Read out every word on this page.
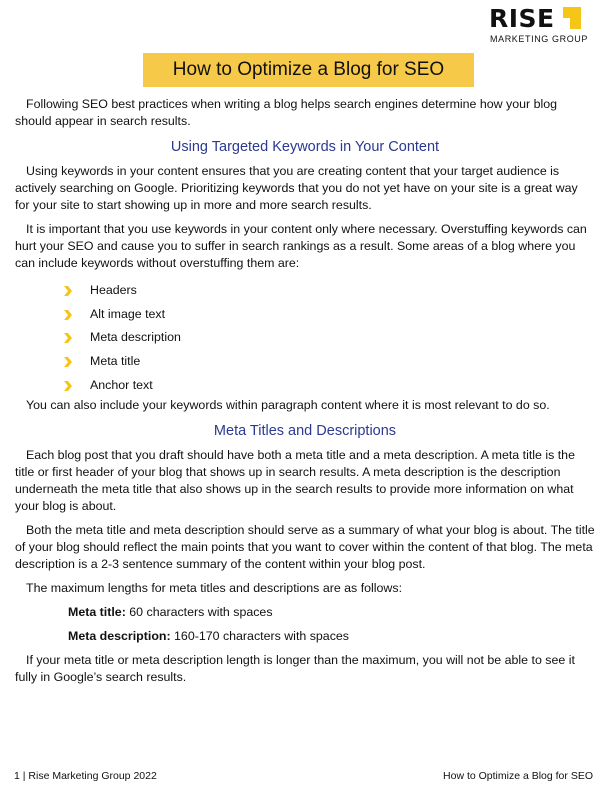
RISE
MARKETING GROUP
How to Optimize a Blog for SEO

Following SEO best practices when writing a blog helps search engines determine how your blog should appear in search results.

Using Targeted Keywords in Your Content

Using keywords in your content ensures that you are creating content that your target audience is actively searching on Google. Prioritizing keywords that you do not yet have on your site is a great way for your site to start showing up in more and more search results.

It is important that you use keywords in your content only where necessary. Overstuffing keywords can hurt your SEO and cause you to suffer in search rankings as a result. Some areas of a blog where you can include keywords without overstuffing them are:

Headers
Alt image text
Meta description
Meta title
Anchor text

You can also include your keywords within paragraph content where it is most relevant to do so.

Meta Titles and Descriptions

Each blog post that you draft should have both a meta title and a meta description. A meta title is the title or first header of your blog that shows up in search results. A meta description is the description underneath the meta title that also shows up in the search results to provide more information on what your blog is about.

Both the meta title and meta description should serve as a summary of what your blog is about. The title of your blog should reflect the main points that you want to cover within the content of that blog. The meta description is a 2-3 sentence summary of the content within your blog post.

The maximum lengths for meta titles and descriptions are as follows:

Meta title: 60 characters with spaces

Meta description: 160-170 characters with spaces

If your meta title or meta description length is longer than the maximum, you will not be able to see it fully in Google’s search results.

1 | Rise Marketing Group 2022	How to Optimize a Blog for SEO
